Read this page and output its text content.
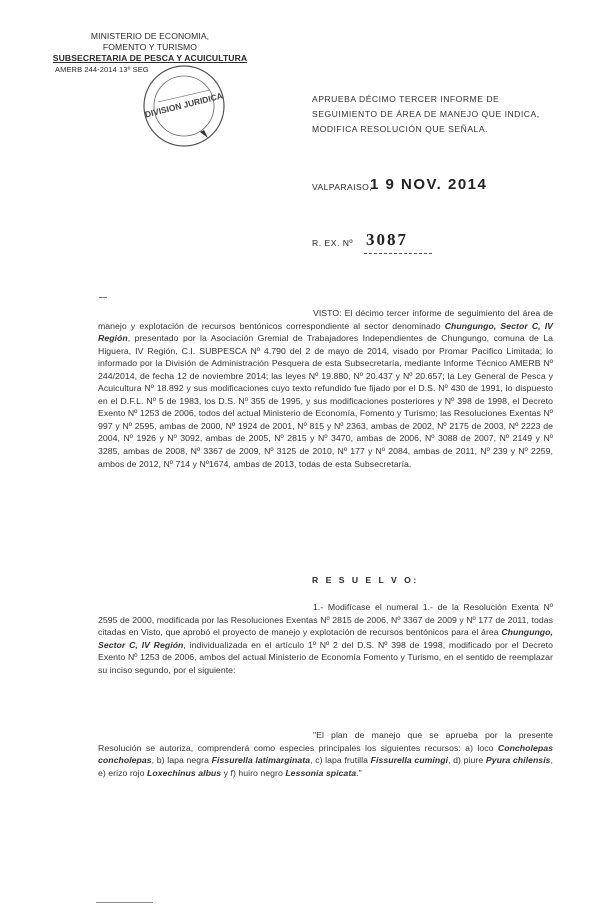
MINISTERIO DE ECONOMIA,
FOMENTO Y TURISMO
SUBSECRETARIA DE PESCA Y ACUICULTURA
AMERB 244-2014 13º SEG
DIVISION JURIDICA	APRUEBA DÉCIMO TERCER INFORME DE SEGUIMIENTO DE ÁREA DE MANEJO QUE INDICA, MODIFICA RESOLUCIÓN QUE SEÑALA.
VALPARAISO,
1 9 NOV. 2014
R. EX. Nº 3087
VISTO: El décimo tercer informe de seguimiento del área de manejo y explotación de recursos bentónicos correspondiente al sector denominado Chungungo, Sector C, IV Región, presentado por la Asociación Gremial de Trabajadores Independientes de Chungungo, comuna de La Higuera, IV Región, C.I. SUBPESCA Nº 4.790 del 2 de mayo de 2014, visado por Promar Pacifico Limitada; lo informado por la División de Administración Pesquera de esta Subsecretaría, mediante Informe Técnico AMERB Nº 244/2014, de fecha 12 de noviembre 2014; las leyes Nº 19.880, Nº 20.437 y Nº 20.657; la Ley General de Pesca y Acuicultura Nº 18.892 y sus modificaciones cuyo texto refundido fue fijado por el D.S. Nº 430 de 1991, lo dispuesto en el D.F.L. Nº 5 de 1983, los D.S. Nº 355 de 1995, y sus modificaciones posteriores y Nº 398 de 1998, el Decreto Exento Nº 1253 de 2006, todos del actual Ministerio de Economía, Fomento y Turismo; las Resoluciones Exentas Nº 997 y Nº 2595, ambas de 2000, Nº 1924 de 2001, Nº 815 y Nº 2363, ambas de 2002, Nº 2175 de 2003, Nº 2223 de 2004, Nº 1926 y Nº 3092, ambas de 2005, Nº 2815 y Nº 3470, ambas de 2006, Nº 3088 de 2007, Nº 2149 y Nº 3285, ambas de 2008, Nº 3367 de 2009, Nº 3125 de 2010, Nº 177 y Nº 2084, ambas de 2011, Nº 239 y Nº 2259, ambos de 2012, Nº 714 y Nº1674, ambas de 2013, todas de esta Subsecretaría.
R E S U E L V O:
1.- Modifícase el numeral 1.- de la Resolución Exenta Nº 2595 de 2000, modificada por las Resoluciones Exentas Nº 2815 de 2006, Nº 3367 de 2009 y Nº 177 de 2011, todas citadas en Visto, que aprobó el proyecto de manejo y explotación de recursos bentónicos para el área Chungungo, Sector C, IV Región, individualizada en el artículo 1º Nº 2 del D.S. Nº 398 de 1998, modificado por el Decreto Exento Nº 1253 de 2006, ambos del actual Ministerio de Economía Fomento y Turismo, en el sentido de reemplazar su inciso segundo, por el siguiente:
"El plan de manejo que se aprueba por la presente Resolución se autoriza, comprenderá como especies principales los siguientes recursos: a) loco Concholepas concholepas, b) lapa negra Fissurella latimarginata, c) lapa frutilla Fissurella cumingi, d) piure Pyura chilensis, e) erizo rojo Loxechinus albus y f) huiro negro Lessonia spicata."
